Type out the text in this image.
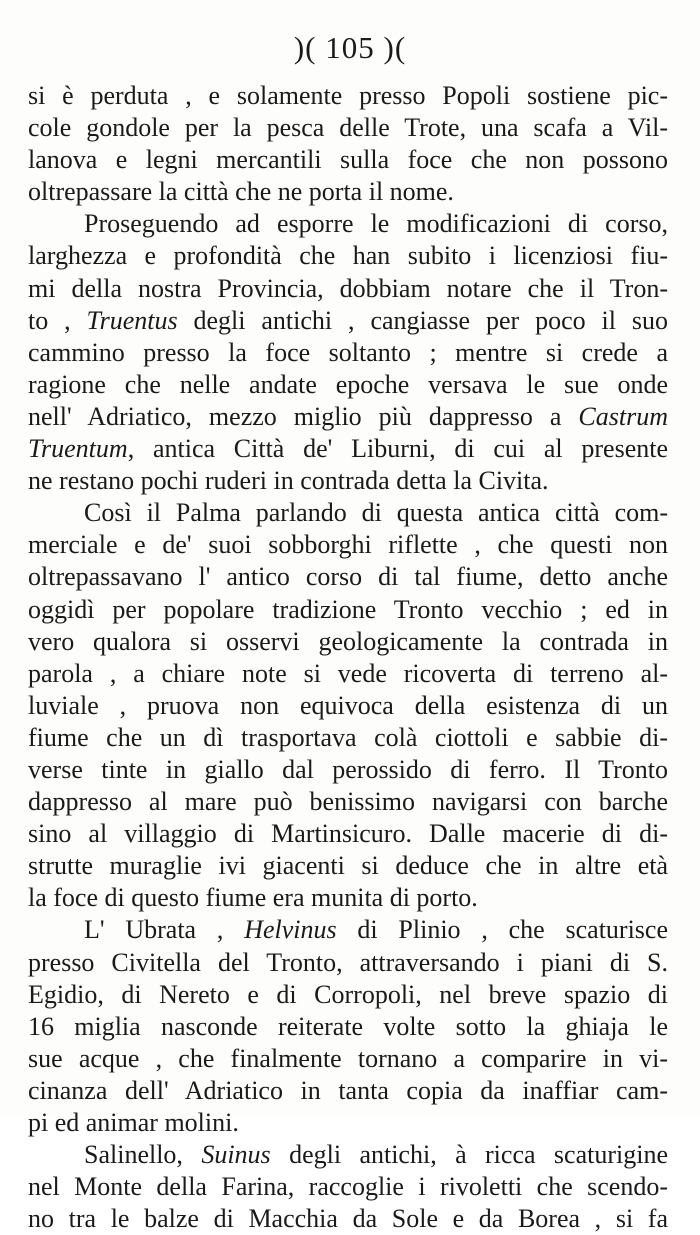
)( 105 )(
si è perduta , e solamente presso Popoli sostiene pic-
cole gondole per la pesca delle Trote, una scafa a Vil-
lanova e legni mercantili sulla foce che non possono
oltrepassare la città che ne porta il nome.
Proseguendo ad esporre le modificazioni di corso,
larghezza e profondità che han subito i licenziosi fiu-
mi della nostra Provincia, dobbiam notare che il Tron-
to , Truentus degli antichi , cangiasse per poco il suo
cammino presso la foce soltanto ; mentre si crede a
ragione che nelle andate epoche versava le sue onde
nell' Adriatico, mezzo miglio più dappresso a Castrum
Truentum, antica Città de' Liburni, di cui al presente
ne restano pochi ruderi in contrada detta la Civita.
Così il Palma parlando di questa antica città com-
merciale e de' suoi sobborghi riflette , che questi non
oltrepassavano l' antico corso di tal fiume, detto anche
oggidì per popolare tradizione Tronto vecchio ; ed in
vero qualora si osservi geologicamente la contrada in
parola , a chiare note si vede ricoverta di terreno al-
luviale , pruova non equivoca della esistenza di un
fiume che un dì trasportava colà ciottoli e sabbie di-
verse tinte in giallo dal perossido di ferro. Il Tronto
dappresso al mare può benissimo navigarsi con barche
sino al villaggio di Martinsicuro. Dalle macerie di di-
strutte muraglie ivi giacenti si deduce che in altre età
la foce di questo fiume era munita di porto.
L' Ubrata , Helvinus di Plinio , che scaturisce
presso Civitella del Tronto, attraversando i piani di S.
Egidio, di Nereto e di Corropoli, nel breve spazio di
16 miglia nasconde reiterate volte sotto la ghiaja le
sue acque , che finalmente tornano a comparire in vi-
cinanza dell' Adriatico in tanta copia da inaffiar cam-
pi ed animar molini.
Salinello, Suinus degli antichi, à ricca scaturigine
nel Monte della Farina, raccoglie i rivoletti che scendo-
no tra le balze di Macchia da Sole e da Borea , si fa
